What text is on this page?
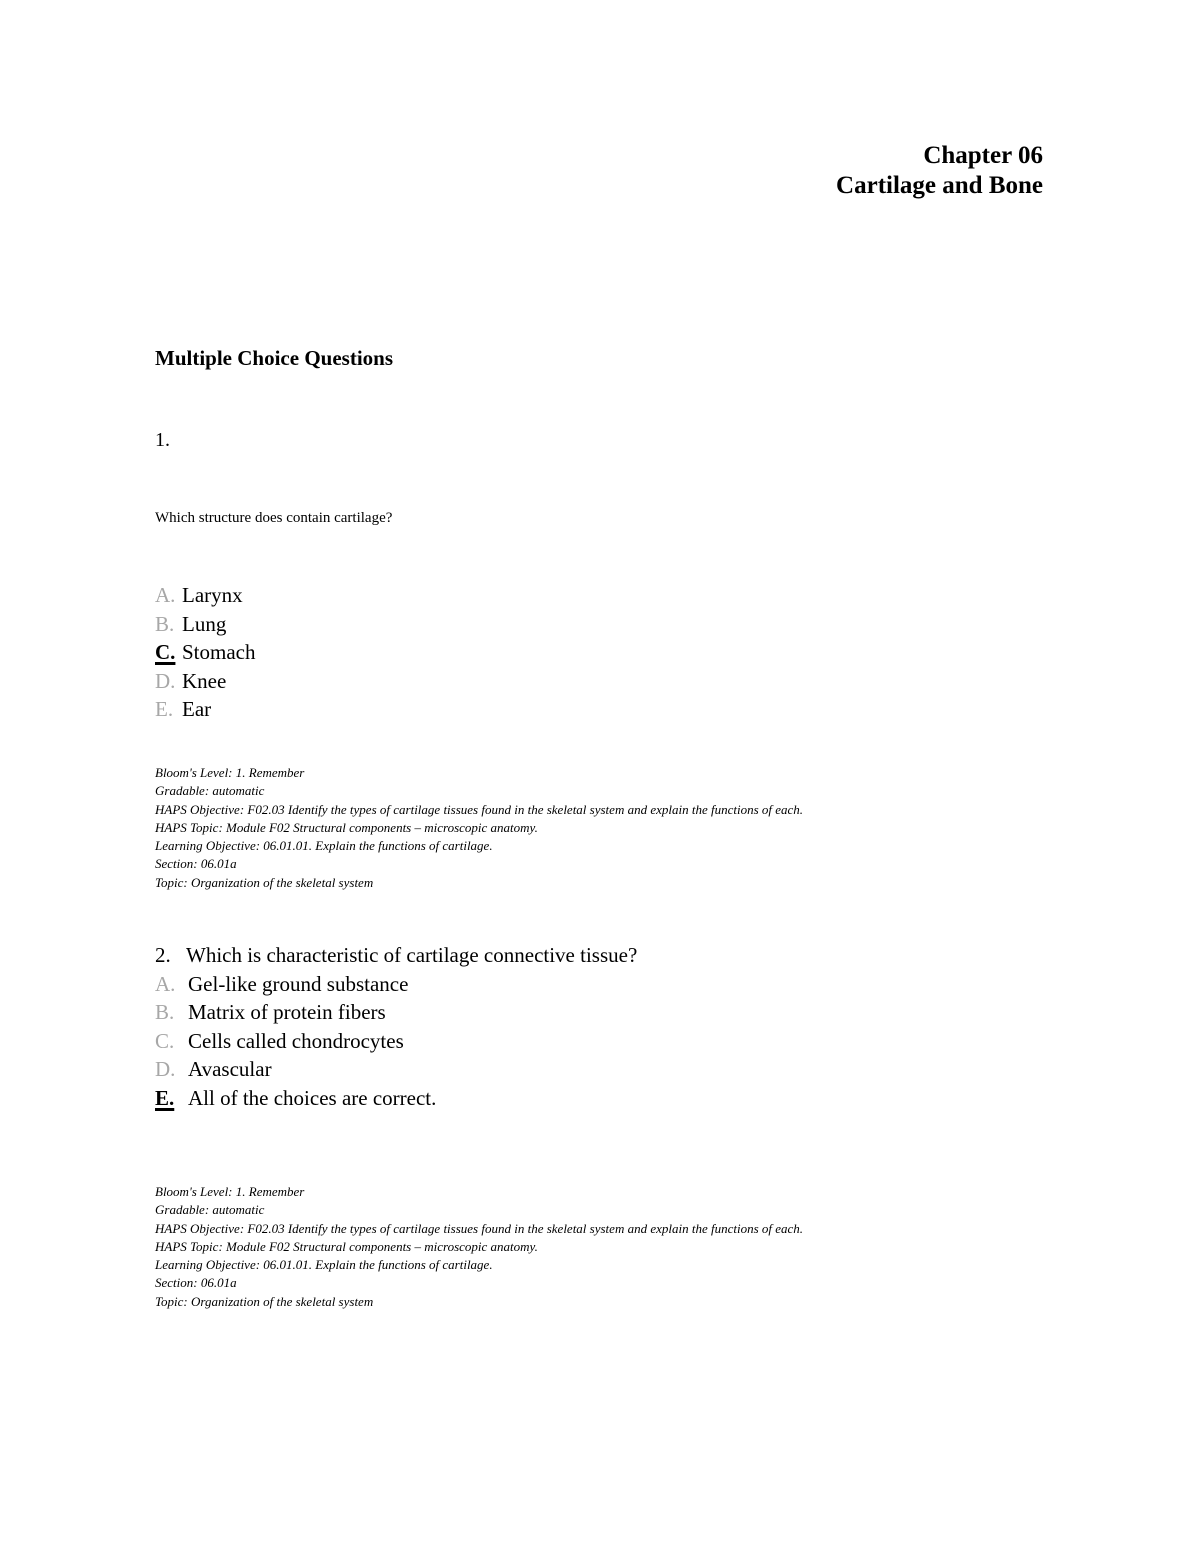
Chapter 06
Cartilage and Bone
Multiple Choice Questions
1.
Which structure does contain cartilage?
A. Larynx
B. Lung
C. Stomach
D. Knee
E. Ear
Bloom's Level: 1. Remember
Gradable: automatic
HAPS Objective: F02.03 Identify the types of cartilage tissues found in the skeletal system and explain the functions of each.
HAPS Topic: Module F02 Structural components – microscopic anatomy.
Learning Objective: 06.01.01. Explain the functions of cartilage.
Section: 06.01a
Topic: Organization of the skeletal system
2. Which is characteristic of cartilage connective tissue?
A. Gel-like ground substance
B. Matrix of protein fibers
C. Cells called chondrocytes
D. Avascular
E. All of the choices are correct.
Bloom's Level: 1. Remember
Gradable: automatic
HAPS Objective: F02.03 Identify the types of cartilage tissues found in the skeletal system and explain the functions of each.
HAPS Topic: Module F02 Structural components – microscopic anatomy.
Learning Objective: 06.01.01. Explain the functions of cartilage.
Section: 06.01a
Topic: Organization of the skeletal system
